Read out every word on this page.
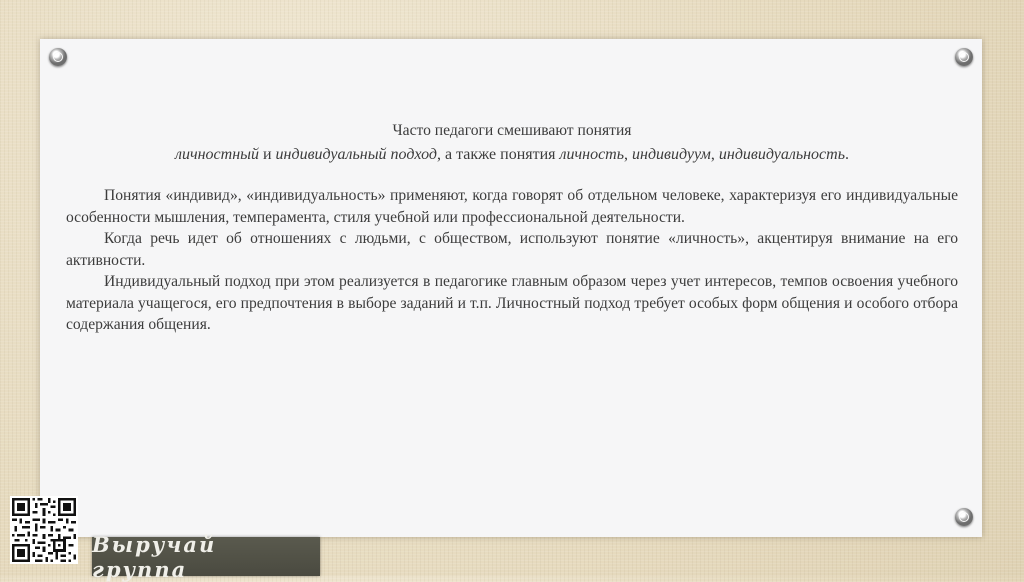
Часто педагоги смешивают понятия

личностный и индивидуальный подход, а также понятия личность, индивидуум, индивидуальность.

Понятия «индивид», «индивидуальность» применяют, когда говорят об отдельном человеке, характеризуя его индивидуальные особенности мышления, темперамента, стиля учебной или профессиональной деятельности.

Когда речь идет об отношениях с людьми, с обществом, используют понятие «личность», акцентируя внимание на его активности.

Индивидуальный подход при этом реализуется в педагогике главным образом через учет интересов, темпов освоения учебного материала учащегося, его предпочтения в выборе заданий и т.п. Личностный подход требует особых форм общения и особого отбора содержания общения.

Выручай группа
